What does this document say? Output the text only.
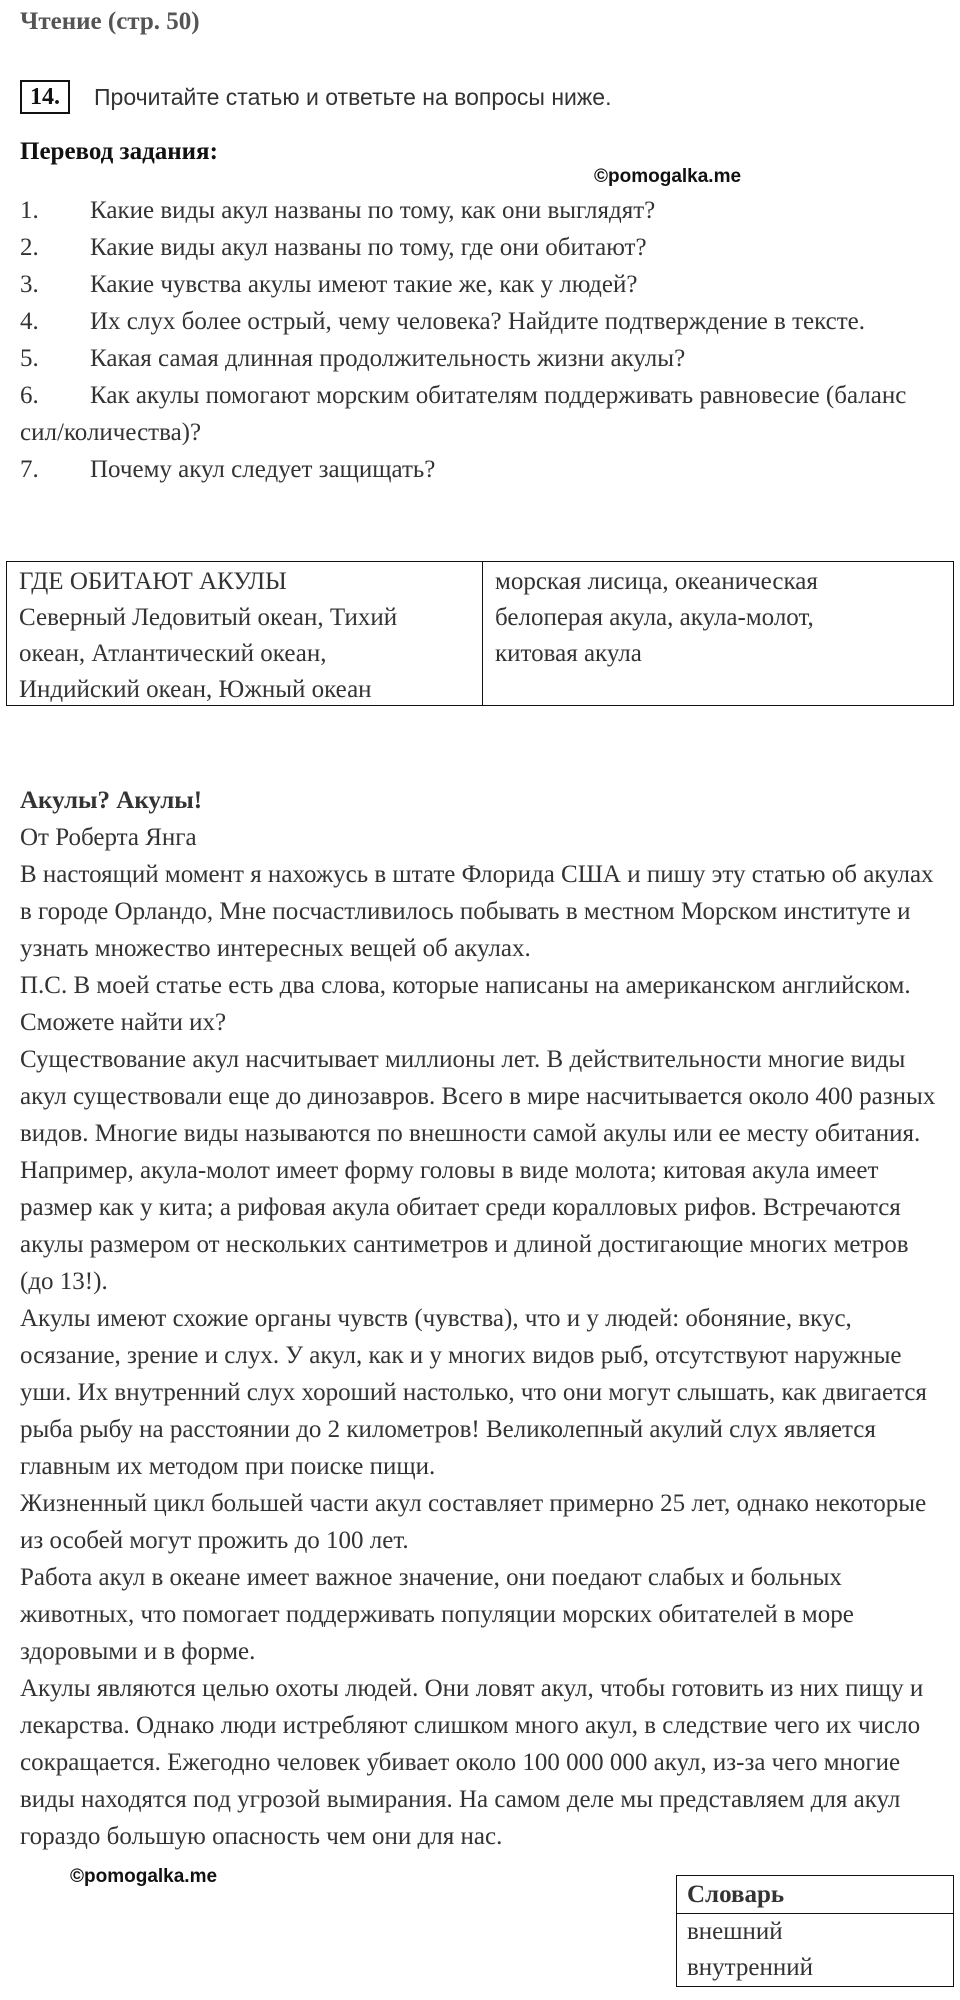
Чтение (стр. 50)
14.	Прочитайте статью и ответьте на вопросы ниже.
Перевод задания:
©pomogalka.me
1. Какие виды акул названы по тому, как они выглядят?
2. Какие виды акул названы по тому, где они обитают?
3. Какие чувства акулы имеют такие же, как у людей?
4. Их слух более острый, чему человека? Найдите подтверждение в тексте.
5. Какая самая длинная продолжительность жизни акулы?
6. Как акулы помогают морским обитателям поддерживать равновесие (баланс сил/количества)?
7. Почему акул следует защищать?
ГДЕ ОБИТАЮТ АКУЛЫ
Северный Ледовитый океан, Тихий
океан, Атлантический океан,
Индийский океан, Южный океан
морская лисица, океаническая
белоперая акула, акула-молот,
китовая акула
Акулы? Акулы!
От Роберта Янга

В настоящий момент я нахожусь в штате Флорида США и пишу эту статью об акулах в городе Орландо, Мне посчастливилось побывать в местном Морском институте и узнать множество интересных вещей об акулах.

П.С. В моей статье есть два слова, которые написаны на американском английском. Сможете найти их?

Существование акул насчитывает миллионы лет. В действительности многие виды акул существовали еще до динозавров. Всего в мире насчитывается около 400 разных видов. Многие виды называются по внешности самой акулы или ее месту обитания. Например, акула-молот имеет форму головы в виде молота; китовая акула имеет размер как у кита; а рифовая акула обитает среди коралловых рифов. Встречаются акулы размером от нескольких сантиметров и длиной достигающие многих метров (до 13!).

Акулы имеют схожие органы чувств (чувства), что и у людей: обоняние, вкус, осязание, зрение и слух. У акул, как и у многих видов рыб, отсутствуют наружные уши. Их внутренний слух хороший настолько, что они могут слышать, как двигается рыба рыбу на расстоянии до 2 километров! Великолепный акулий слух является главным их методом при поиске пищи.

Жизненный цикл большей части акул составляет примерно 25 лет, однако некоторые из особей могут прожить до 100 лет.

Работа акул в океане имеет важное значение, они поедают слабых и больных животных, что помогает поддерживать популяции морских обитателей в море здоровыми и в форме.

Акулы являются целью охоты людей. Они ловят акул, чтобы готовить из них пищу и лекарства. Однако люди истребляют слишком много акул, в следствие чего их число сокращается. Ежегодно человек убивает около 100 000 000 акул, из-за чего многие виды находятся под угрозой вымирания. На самом деле мы представляем для акул гораздо большую опасность чем они для нас.

©pomogalka.me
Словарь
внешний
внутренний
